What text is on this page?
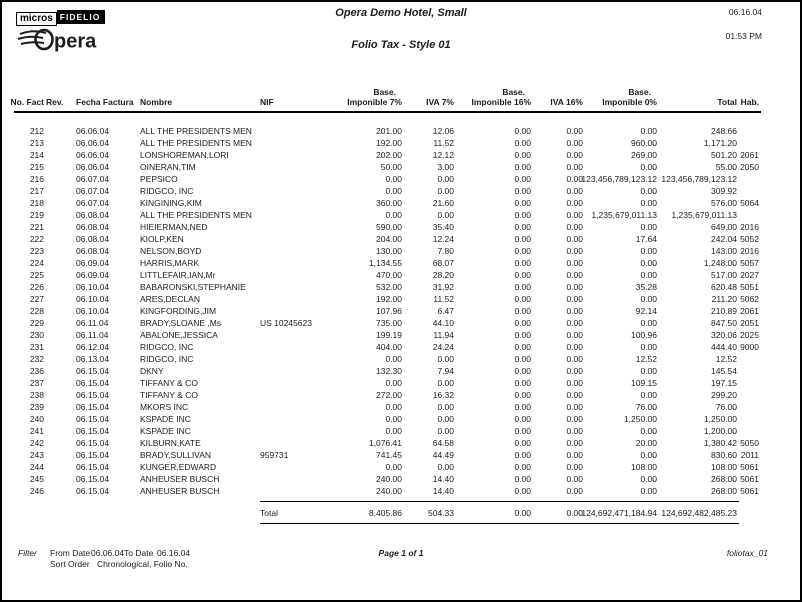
micros FIDELIO
pera
Opera Demo Hotel, Small
Folio Tax - Style 01
06.16.04
01:53 PM

					Base.		Base.		Base.		

No. Fact	Rev.	Fecha Factura	Nombre	NIF	Imponible 7%	IVA 7%	Imponible 16%	IVA 16%	Imponible 0%	Total	Hab.

212		06.06.04	ALL THE PRESIDENTS MEN		201.00	12.06	0.00	0.00	0.00	248.66	

213		06.06.04	ALL THE PRESIDENTS MEN		192.00	11.52	0.00	0.00	960.00	1,171.20	

214		06.06.04	LONSHOREMAN,LORI		202.00	12.12	0.00	0.00	269.00	501.20	2061

215		06.06.04	OINERAN,TIM		50.00	3.00	0.00	0.00	0.00	55.00	2050

216		06.07.04	PEPSICO		0.00	0.00	0.00	0.00	123,456,789,123.12	123,456,789,123.12	

217		06.07.04	RIDGCO, INC		0.00	0.00	0.00	0.00	0.00	309.92	

218		06.07.04	KINGINING,KIM		360.00	21.60	0.00	0.00	0.00	576.00	5064

219		06.08.04	ALL THE PRESIDENTS MEN		0.00	0.00	0.00	0.00	1,235,679,011.13	1,235,679,011.13	

221		06.08.04	HIEIERMAN,NED		590.00	35.40	0.00	0.00	0.00	649.00	2016

222		06.08.04	KIOLP,KEN		204.00	12.24	0.00	0.00	17.64	242.04	5052

223		06.08.04	NELSON,BOYD		130.00	7.80	0.00	0.00	0.00	143.00	2016

224		06.09.04	HARRIS,MARK		1,134.55	68.07	0.00	0.00	0.00	1,248.00	5057

225		06.09.04	LITTLEFAIR,IAN,Mr		470.00	28.20	0.00	0.00	0.00	517.00	2027

226		06.10.04	BABARONSKI,STEPHANIE		532.00	31.92	0.00	0.00	35.28	620.48	5051

227		06.10.04	ARES,DECLAN		192.00	11.52	0.00	0.00	0.00	211.20	5062

228		06.10.04	KINGFORDING,JIM		107.96	6.47	0.00	0.00	92.14	210.89	2061

229		06.11.04	BRADY,SLOANE ,Ms	US 10245623	735.00	44.10	0.00	0.00	0.00	847.50	2051

230		06.11.04	ABALONE,JESSICA		199.19	11.94	0.00	0.00	100.96	320.06	2025

231		06.12.04	RIDGCO, INC		404.00	24.24	0.00	0.00	0.00	444.40	9000

232		06.13.04	RIDGCO, INC		0.00	0.00	0.00	0.00	12.52	12.52	

236		06.15.04	DKNY		132.30	7.94	0.00	0.00	0.00	145.54	

237		06.15.04	TIFFANY & CO		0.00	0.00	0.00	0.00	109.15	197.15	

238		06.15.04	TIFFANY & CO		272.00	16.32	0.00	0.00	0.00	299.20	

239		06.15.04	MKORS INC		0.00	0.00	0.00	0.00	76.00	76.00	

240		06.15.04	KSPADE INC		0.00	0.00	0.00	0.00	1,250.00	1,250.00	

241		06.15.04	KSPADE INC		0.00	0.00	0.00	0.00	0.00	1,200.00	

242		06.15.04	KILBURN,KATE		1,076.41	64.58	0.00	0.00	20.00	1,380.42	5050

243		06.15.04	BRADY,SULLIVAN	959731	741.45	44.49	0.00	0.00	0.00	830.60	2011

244		06.15.04	KUNGER,EDWARD		0.00	0.00	0.00	0.00	108.00	108.00	5061

245		06.15.04	ANHEUSER BUSCH		240.00	14.40	0.00	0.00	0.00	268.00	5061

246		06.15.04	ANHEUSER BUSCH		240.00	14.40	0.00	0.00	0.00	268.00	5061

				Total	8,405.86	504.33	0.00	0.00	124,692,471,184.94	124,692,482,485.23	

Filter From Date 06.06.04 To Date 06.16.04
Sort Order Chronological, Folio No.
Page 1 of 1	foliotax_01
